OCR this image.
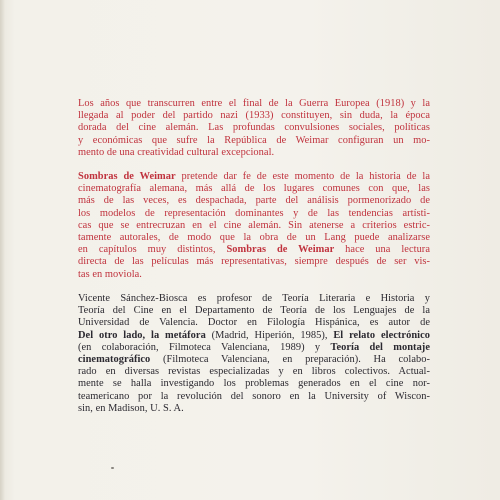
Los años que transcurren entre el final de la Guerra Europea (1918) y la
llegada al poder del partido nazi (1933) constituyen, sin duda, la época
dorada del cine alemán. Las profundas convulsiones sociales, políticas
y económicas que sufre la República de Weimar configuran un mo-
mento de una creatividad cultural excepcional.
Sombras de Weimar pretende dar fe de este momento de la historia de la
cinematografía alemana, más allá de los lugares comunes con que, las
más de las veces, es despachada, parte del análisis pormenorizado de
los modelos de representación dominantes y de las tendencias artísti-
cas que se entrecruzan en el cine alemán. Sin atenerse a criterios estric-
tamente autorales, de modo que la obra de un Lang puede analizarse
en capítulos muy distintos, Sombras de Weimar hace una lectura
directa de las películas más representativas, siempre después de ser vis-
tas en moviola.
Vicente Sánchez-Biosca es profesor de Teoría Literaria e Historia y
Teoría del Cine en el Departamento de Teoría de los Lenguajes de la
Universidad de Valencia. Doctor en Filología Hispánica, es autor de
Del otro lado, la metáfora (Madrid, Hiperión, 1985), El relato electrónico
(en colaboración, Filmoteca Valenciana, 1989) y Teoría del montaje
cinematográfico (Filmoteca Valenciana, en preparación). Ha colabo-
rado en diversas revistas especializadas y en libros colectivos. Actual-
mente se halla investigando los problemas generados en el cine nor-
teamericano por la revolución del sonoro en la University of Wiscon-
sin, en Madison, U. S. A.
